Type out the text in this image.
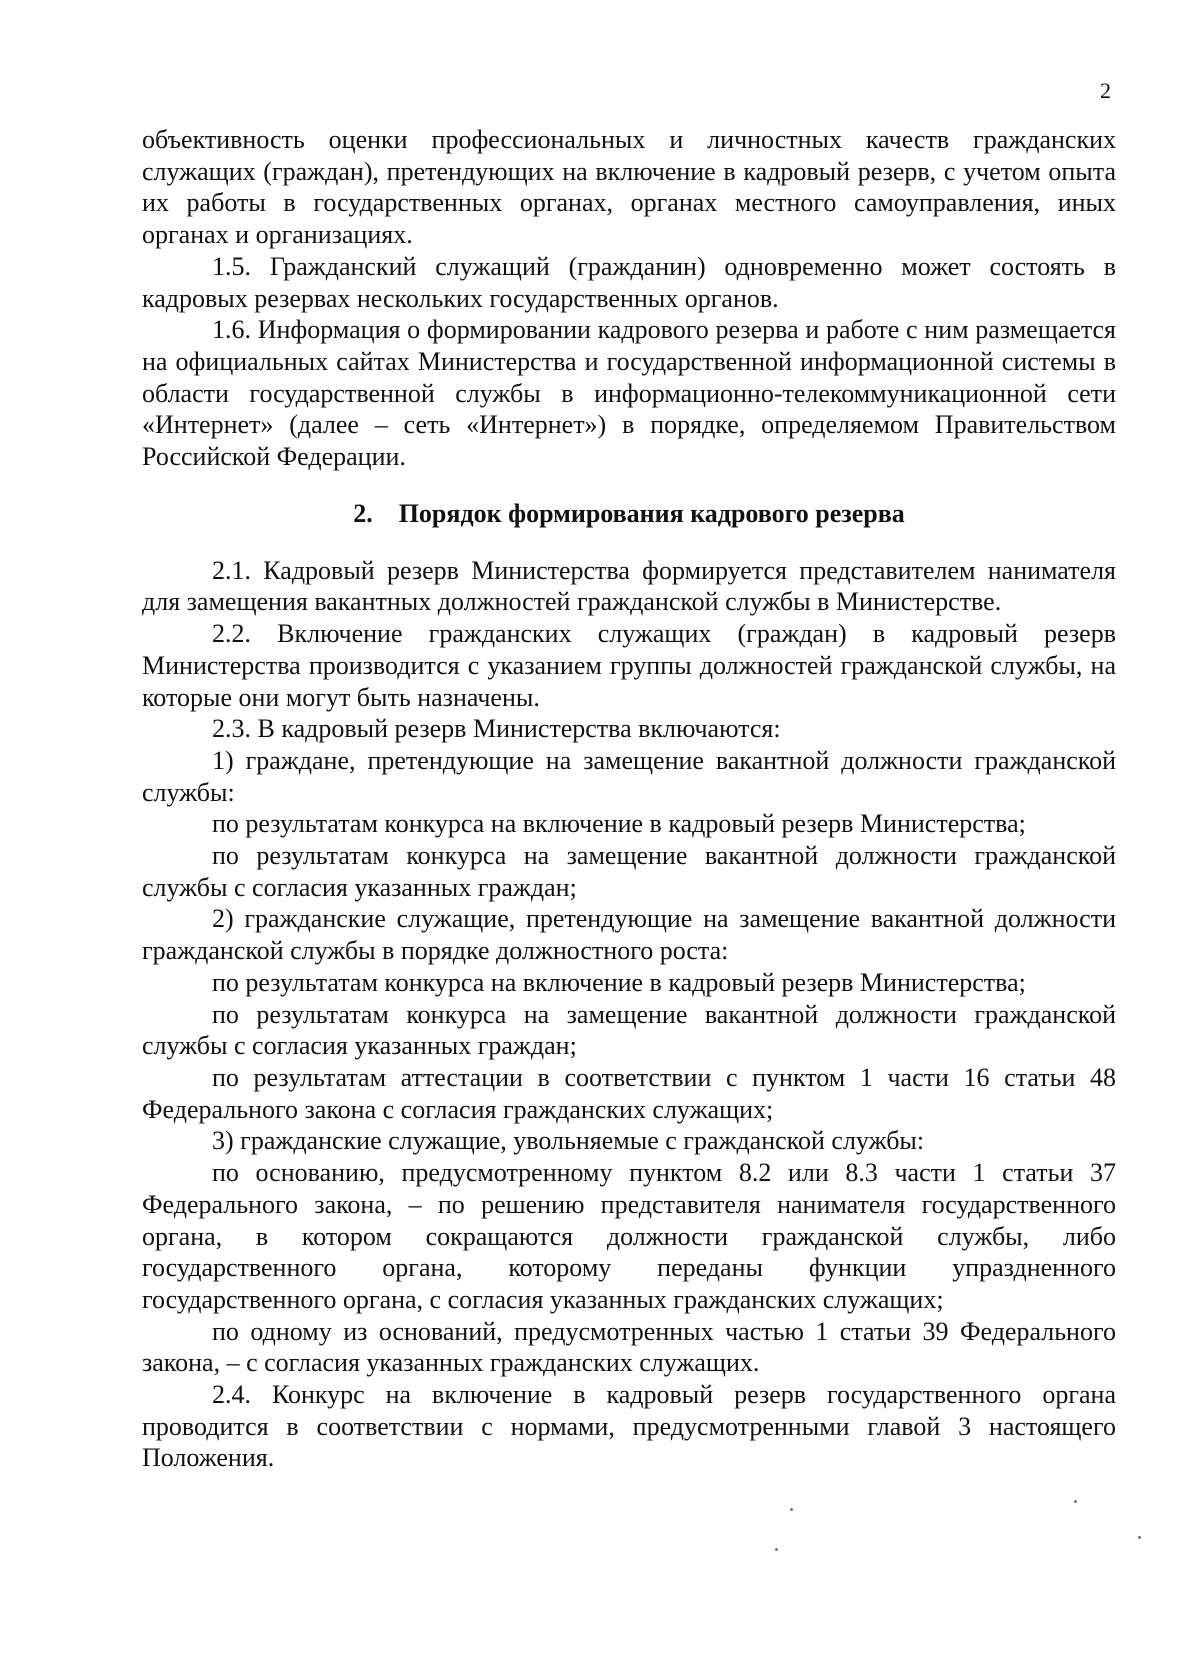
2

объективность оценки профессиональных и личностных качеств гражданских служащих (граждан), претендующих на включение в кадровый резерв, с учетом опыта их работы в государственных органах, органах местного самоуправления, иных органах и организациях.

1.5. Гражданский служащий (гражданин) одновременно может состоять в кадровых резервах нескольких государственных органов.

1.6. Информация о формировании кадрового резерва и работе с ним размещается на официальных сайтах Министерства и государственной информационной системы в области государственной службы в информационно-телекоммуникационной сети «Интернет» (далее – сеть «Интернет») в порядке, определяемом Правительством Российской Федерации.

2. Порядок формирования кадрового резерва

2.1. Кадровый резерв Министерства формируется представителем нанимателя для замещения вакантных должностей гражданской службы в Министерстве.

2.2. Включение гражданских служащих (граждан) в кадровый резерв Министерства производится с указанием группы должностей гражданской службы, на которые они могут быть назначены.

2.3. В кадровый резерв Министерства включаются:

1) граждане, претендующие на замещение вакантной должности гражданской службы:

по результатам конкурса на включение в кадровый резерв Министерства;

по результатам конкурса на замещение вакантной должности гражданской службы с согласия указанных граждан;

2) гражданские служащие, претендующие на замещение вакантной должности гражданской службы в порядке должностного роста:

по результатам конкурса на включение в кадровый резерв Министерства;

по результатам конкурса на замещение вакантной должности гражданской службы с согласия указанных граждан;

по результатам аттестации в соответствии с пунктом 1 части 16 статьи 48 Федерального закона с согласия гражданских служащих;

3) гражданские служащие, увольняемые с гражданской службы:

по основанию, предусмотренному пунктом 8.2 или 8.3 части 1 статьи 37 Федерального закона, – по решению представителя нанимателя государственного органа, в котором сокращаются должности гражданской службы, либо государственного органа, которому переданы функции упраздненного государственного органа, с согласия указанных гражданских служащих;

по одному из оснований, предусмотренных частью 1 статьи 39 Федерального закона, – с согласия указанных гражданских служащих.

2.4. Конкурс на включение в кадровый резерв государственного органа проводится в соответствии с нормами, предусмотренными главой 3 настоящего Положения.
